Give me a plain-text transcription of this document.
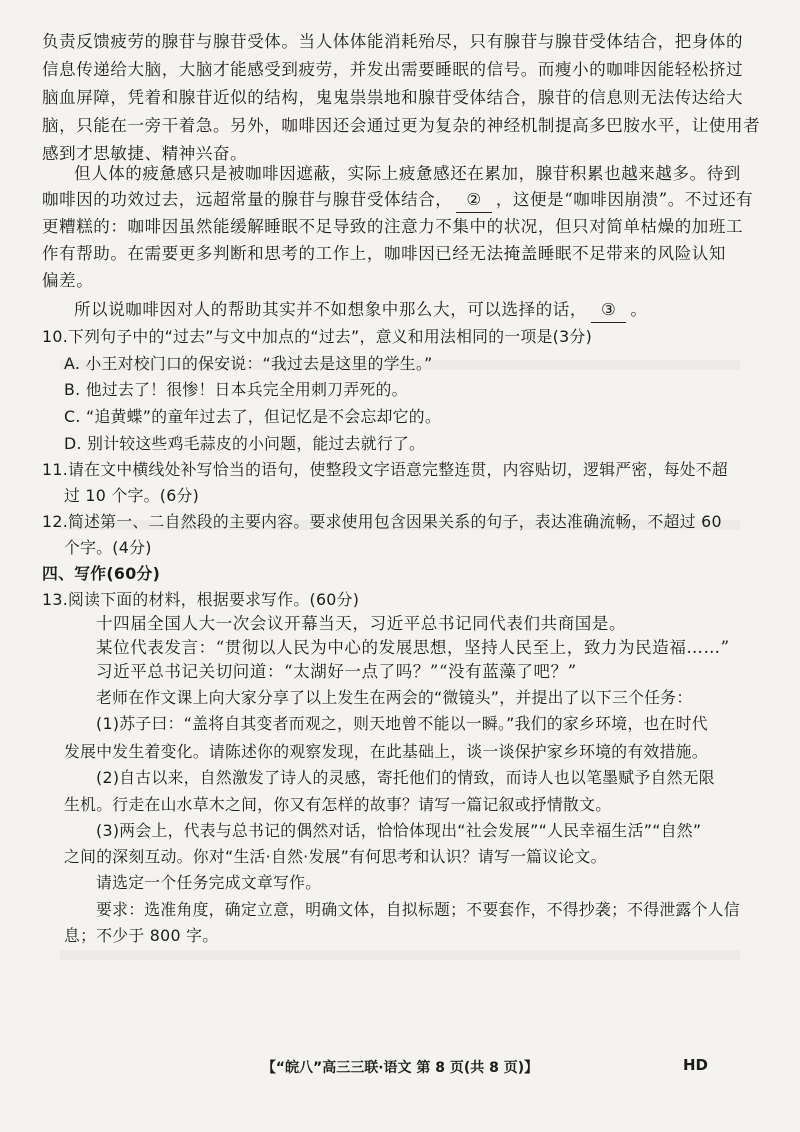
负责反馈疲劳的腺苷与腺苷受体。当人体体能消耗殆尽，只有腺苷与腺苷受体结合，把身体的
信息传递给大脑，大脑才能感受到疲劳，并发出需要睡眠的信号。而瘦小的咖啡因能轻松挤过
脑血屏障，凭着和腺苷近似的结构，鬼鬼祟祟地和腺苷受体结合，腺苷的信息则无法传达给大
脑，只能在一旁干着急。另外，咖啡因还会通过更为复杂的神经机制提高多巴胺水平，让使用者
感到才思敏捷、精神兴奋。
但人体的疲惫感只是被咖啡因遮蔽，实际上疲惫感还在累加，腺苷积累也越来越多。待到
咖啡因的功效过去，远超常量的腺苷与腺苷受体结合， ② ，这便是“咖啡因崩溃”。不过还有
更糟糕的：咖啡因虽然能缓解睡眠不足导致的注意力不集中的状况，但只对简单枯燥的加班工
作有帮助。在需要更多判断和思考的工作上，咖啡因已经无法掩盖睡眠不足带来的风险认知
偏差。
所以说咖啡因对人的帮助其实并不如想象中那么大，可以选择的话， ③ 。
10.下列句子中的“过去”与文中加点的“过去”，意义和用法相同的一项是(3分)
A. 小王对校门口的保安说：“我过去是这里的学生。”
B. 他过去了！很惨！日本兵完全用刺刀弄死的。
C. “追黄蝶”的童年过去了，但记忆是不会忘却它的。
D. 别计较这些鸡毛蒜皮的小问题，能过去就行了。
11.请在文中横线处补写恰当的语句，使整段文字语意完整连贯，内容贴切，逻辑严密，每处不超
过 10 个字。(6分)
12.简述第一、二自然段的主要内容。要求使用包含因果关系的句子，表达准确流畅，不超过 60
个字。(4分)
四、写作(60分)
13.阅读下面的材料，根据要求写作。(60分)
十四届全国人大一次会议开幕当天，习近平总书记同代表们共商国是。
某位代表发言：“贯彻以人民为中心的发展思想，坚持人民至上，致力为民造福……”
习近平总书记关切问道：“太湖好一点了吗？”“没有蓝藻了吧？”
老师在作文课上向大家分享了以上发生在两会的“微镜头”，并提出了以下三个任务：
(1)苏子曰：“盖将自其变者而观之，则天地曾不能以一瞬。”我们的家乡环境，也在时代
发展中发生着变化。请陈述你的观察发现，在此基础上，谈一谈保护家乡环境的有效措施。
(2)自古以来，自然激发了诗人的灵感，寄托他们的情致，而诗人也以笔墨赋予自然无限
生机。行走在山水草木之间，你又有怎样的故事？请写一篇记叙或抒情散文。
(3)两会上，代表与总书记的偶然对话，恰恰体现出“社会发展”“人民幸福生活”“自然”
之间的深刻互动。你对“生活·自然·发展”有何思考和认识？请写一篇议论文。
请选定一个任务完成文章写作。
要求：选准角度，确定立意，明确文体，自拟标题；不要套作，不得抄袭；不得泄露个人信
息；不少于 800 字。
【“皖八”高三三联·语文 第 8 页(共 8 页)】	HD
